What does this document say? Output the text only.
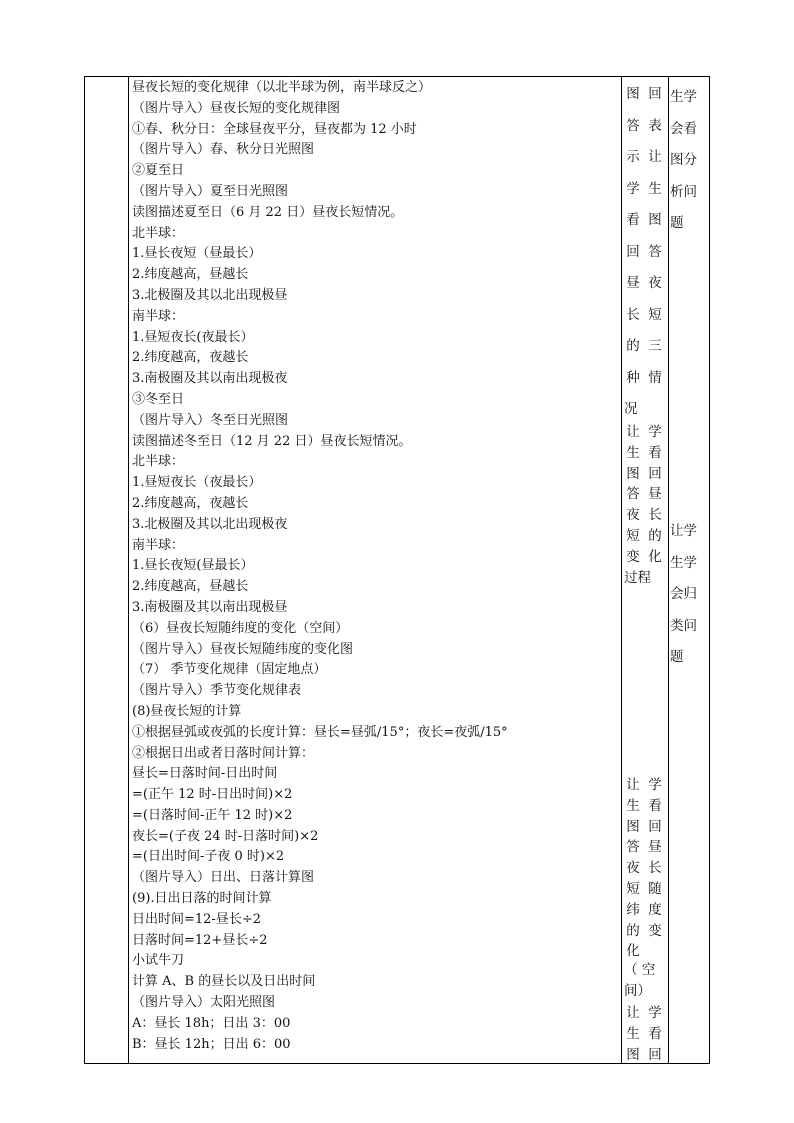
昼夜长短的变化规律（以北半球为例，南半球反之）
（图片导入）昼夜长短的变化规律图
①春、秋分日：全球昼夜平分，昼夜都为 12 小时
（图片导入）春、秋分日光照图
②夏至日
（图片导入）夏至日光照图
读图描述夏至日（6 月 22 日）昼夜长短情况。
北半球：
1.昼长夜短（昼最长）
2.纬度越高，昼越长
3.北极圈及其以北出现极昼
南半球：
1.昼短夜长(夜最长）
2.纬度越高，夜越长
3.南极圈及其以南出现极夜
③冬至日
（图片导入）冬至日光照图
读图描述冬至日（12 月 22 日）昼夜长短情况。
北半球：
1.昼短夜长（夜最长）
2.纬度越高，夜越长
3.北极圈及其以北出现极夜
南半球：
1.昼长夜短(昼最长）
2.纬度越高，昼越长
3.南极圈及其以南出现极昼
（6）昼夜长短随纬度的变化（空间）
（图片导入）昼夜长短随纬度的变化图
（7） 季节变化规律（固定地点）
（图片导入）季节变化规律表
(8)昼夜长短的计算
①根据昼弧或夜弧的长度计算：昼长=昼弧/15°；夜长=夜弧/15°
②根据日出或者日落时间计算：
昼长=日落时间-日出时间
=(正午 12 时-日出时间)×2
=(日落时间-正午 12 时)×2
夜长=(子夜 24 时-日落时间)×2
=(日出时间-子夜 0 时)×2
（图片导入）日出、日落计算图
(9).日出日落的时间计算
日出时间=12-昼长÷2
日落时间=12+昼长÷2
小试牛刀
计算 A、B 的昼长以及日出时间
（图片导入）太阳光照图
A：昼长 18h；日出 3：00
B：昼长 12h；日出 6：00
图 回
答 表
示 让
学 生
看 图
回 答
昼 夜
长 短
的 三
种 情
况
让 学
生 看
图 回
答 昼
夜 长
短 的
变 化
过程
让 学
生 看
图 回
答 昼
夜 长
短 随
纬 度
的 变
化
（ 空
间）
让 学
生 看
图 回
生学
会看
图分
析问
题
让学
生学
会归
类问
题
